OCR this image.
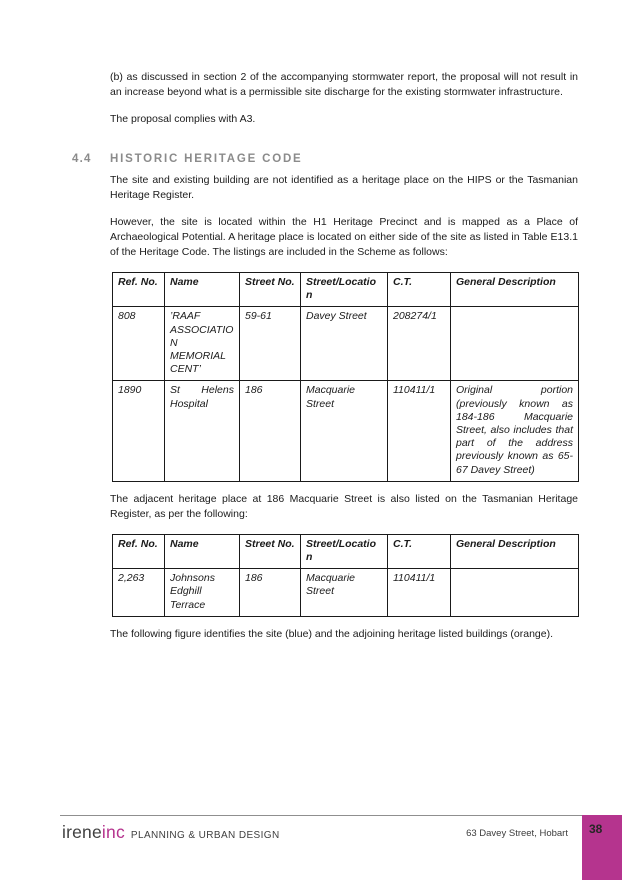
(b) as discussed in section 2 of the accompanying stormwater report, the proposal will not result in an increase beyond what is a permissible site discharge for the existing stormwater infrastructure.

The proposal complies with A3.

4.4	HISTORIC HERITAGE CODE

The site and existing building are not identified as a heritage place on the HIPS or the Tasmanian Heritage Register.

However, the site is located within the H1 Heritage Precinct and is mapped as a Place of Archaeological Potential. A heritage place is located on either side of the site as listed in Table E13.1 of the Heritage Code. The listings are included in the Scheme as follows:

Ref. No.	Name	Street No.	Street/Location	C.T.	General Description
808	’RAAF ASSOCIATION MEMORIAL CENT’	59-61	Davey Street	208274/1	
1890	St Helens Hospital	186	Macquarie Street	110411/1	Original portion (previously known as 184-186 Macquarie Street, also includes that part of the address previously known as 65-67 Davey Street)

The adjacent heritage place at 186 Macquarie Street is also listed on the Tasmanian Heritage Register, as per the following:

Ref. No.	Name	Street No.	Street/Location	C.T.	General Description
2,263	Johnsons Edghill Terrace	186	Macquarie Street	110411/1	

The following figure identifies the site (blue) and the adjoining heritage listed buildings (orange).

ireneinc PLANNING & URBAN DESIGN	63 Davey Street, Hobart	38
